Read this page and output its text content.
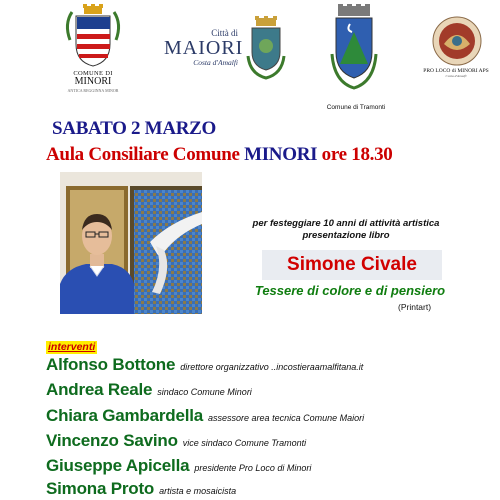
COMUNE DI
MINORI
ANTICA REGGINNA MINOR
Città di
MAIORI
Costa d'Amalfi
Comune di Tramonti
PRO LOCO di MINORI APS
Costa d'Amalfi
SABATO 2 MARZO
Aula Consiliare Comune MINORI ore 18.30
per festeggiare 10 anni di attività artistica
presentazione libro
Simone Civale
Tessere di colore e di pensiero
(Printart)
interventi
Alfonso Bottone direttore organizzativo ..incostieraamalfitana.it
Andrea Reale sindaco Comune Minori
Chiara Gambardella assessore area tecnica Comune Maiori
Vincenzo Savino vice sindaco Comune Tramonti
Giuseppe Apicella presidente Pro Loco di Minori
Simona Proto artista e mosaicista
